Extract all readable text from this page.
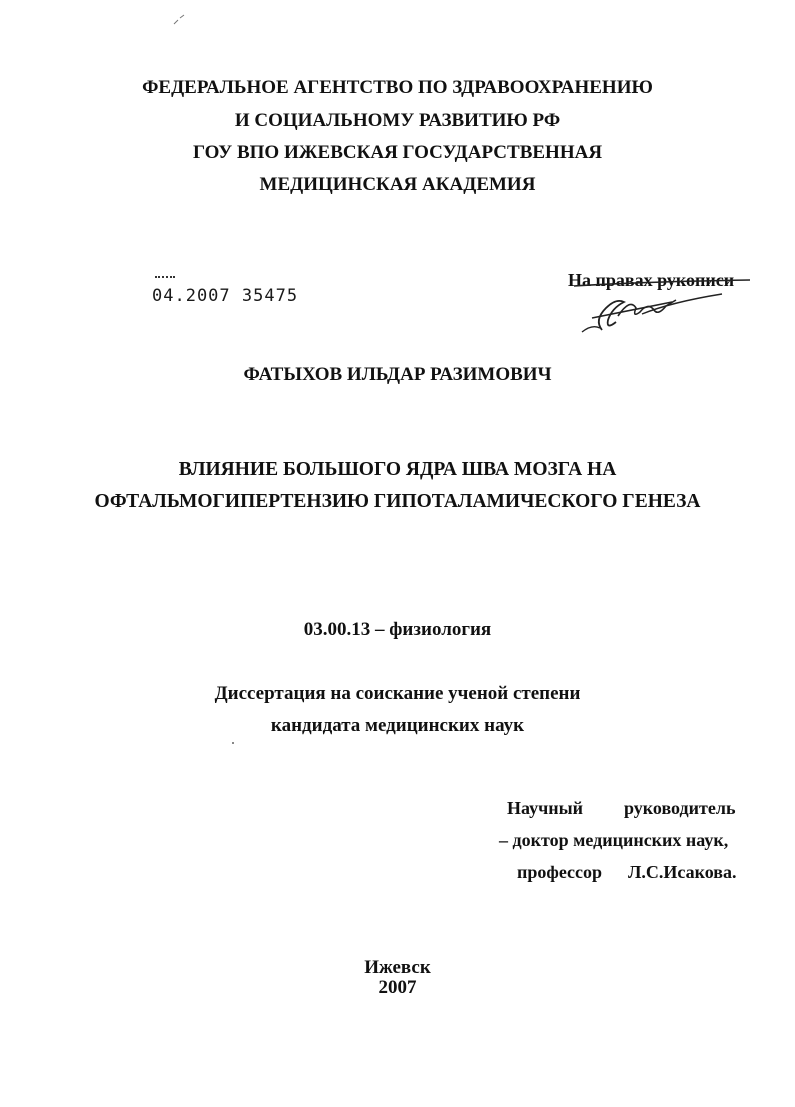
ФЕДЕРАЛЬНОЕ АГЕНТСТВО ПО ЗДРАВООХРАНЕНИЮ
И СОЦИАЛЬНОМУ РАЗВИТИЮ РФ
ГОУ ВПО ИЖЕВСКАЯ ГОСУДАРСТВЕННАЯ
МЕДИЦИНСКАЯ АКАДЕМИЯ
04.2007 35475
На правах рукописи
ФАТЫХОВ ИЛЬДАР РАЗИМОВИЧ
ВЛИЯНИЕ БОЛЬШОГО ЯДРА ШВА МОЗГА НА
ОФТАЛЬМОГИПЕРТЕНЗИЮ ГИПОТАЛАМИЧЕСКОГО ГЕНЕЗА
03.00.13 – физиология
Диссертация на соискание ученой степени
кандидата медицинских наук
Научный руководитель
– доктор медицинских наук,
профессор Л.С.Исакова.
Ижевск
2007
